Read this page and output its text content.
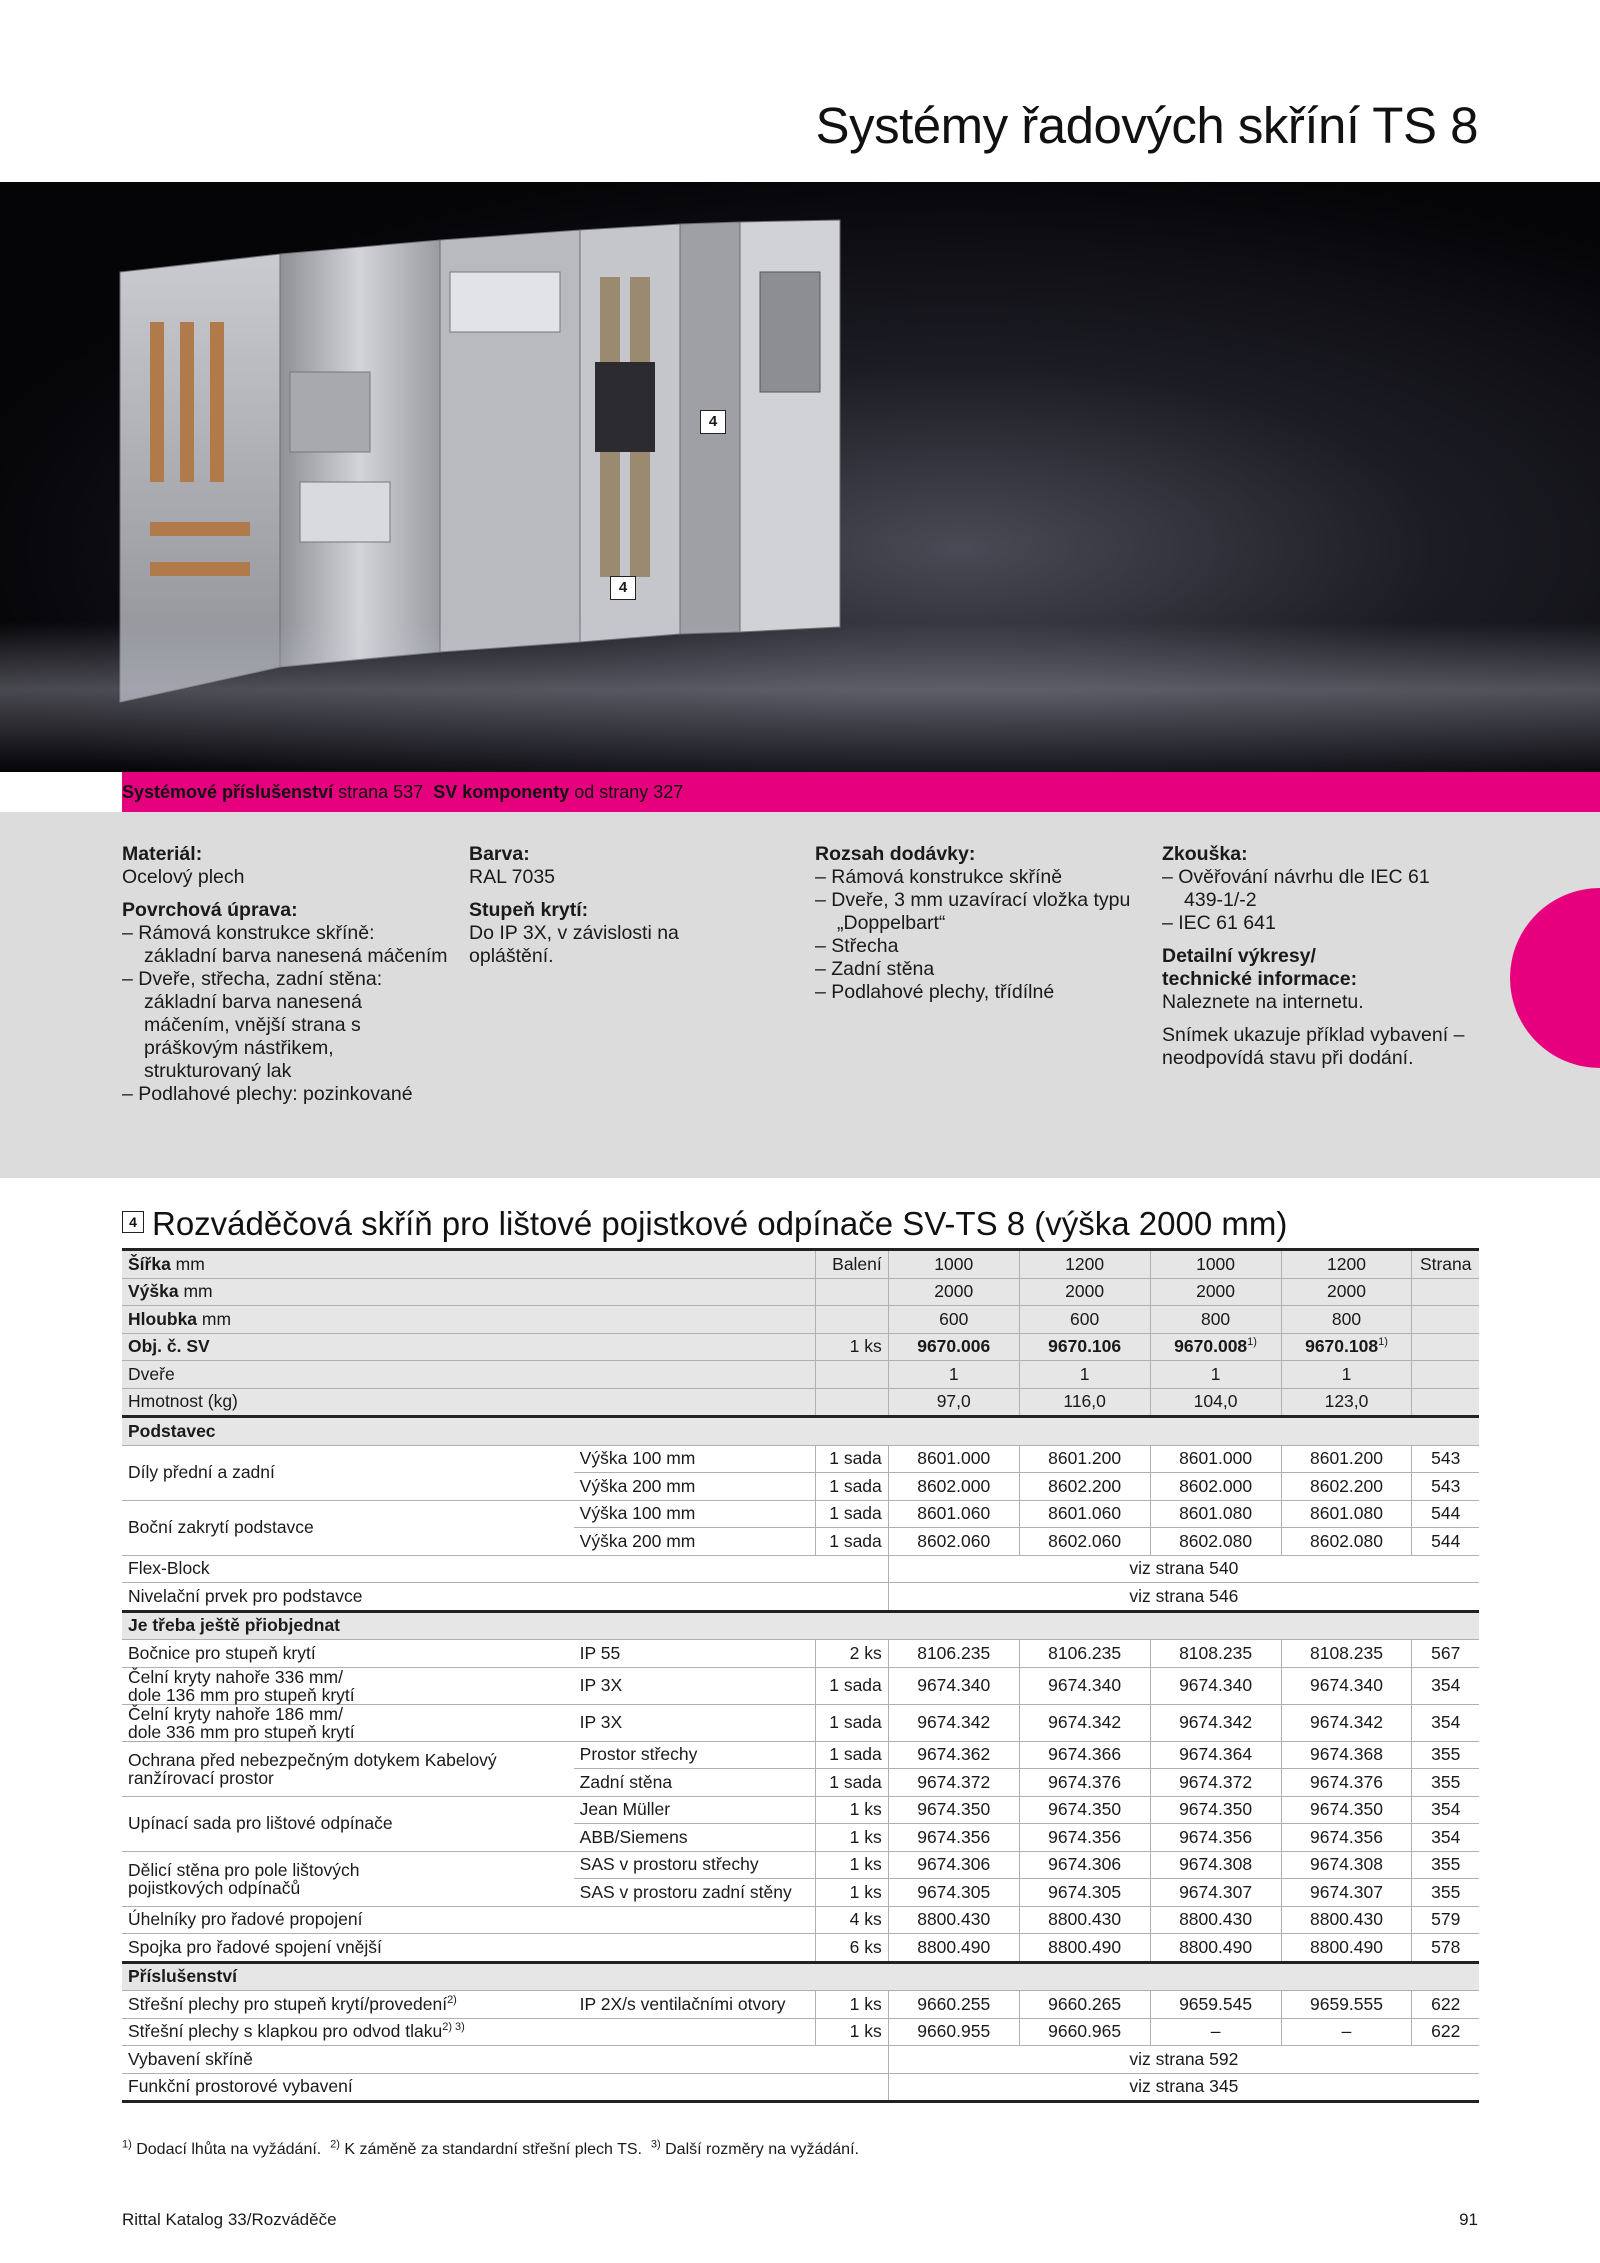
Systémy řadových skříní TS 8
4
4
Systémové příslušenství strana 537 SV komponenty od strany 327
Materiál:
Ocelový plech
Povrchová úprava:
– Rámová konstrukce skříně: základní barva nanesená máčením
– Dveře, střecha, zadní stěna: základní barva nanesená máčením, vnější strana s práškovým nástřikem, strukturovaný lak
– Podlahové plechy: pozinkované
Barva:
RAL 7035
Stupeň krytí:
Do IP 3X, v závislosti na opláštění.
Rozsah dodávky:
– Rámová konstrukce skříně
– Dveře, 3 mm uzavírací vložka typu „Doppelbart“
– Střecha
– Zadní stěna
– Podlahové plechy, třídílné
Zkouška:
– Ověřování návrhu dle IEC 61 439-1/-2
– IEC 61 641
Detailní výkresy/
technické informace:
Naleznete na internetu.
Snímek ukazuje příklad vybavení – neodpovídá stavu při dodání.
4 Rozváděčová skříň pro lištové pojistkové odpínače SV-TS 8 (výška 2000 mm)
Šířka mm		Balení	1000	1200	1000	1200	Strana
Výška mm			2000	2000	2000	2000	
Hloubka mm			600	600	800	800	
Obj. č. SV		1 ks	9670.006	9670.106	9670.008$^{1)}$	9670.108$^{1)}$	
Dveře			1	1	1	1	
Hmotnost (kg)			97,0	116,0	104,0	123,0	
Podstavec							
Díly přední a zadní	Výška 100 mm	1 sada	8601.000	8601.200	8601.000	8601.200	543
	Výška 200 mm	1 sada	8602.000	8602.200	8602.000	8602.200	543
Boční zakrytí podstavce	Výška 100 mm	1 sada	8601.060	8601.060	8601.080	8601.080	544
	Výška 200 mm	1 sada	8602.060	8602.060	8602.080	8602.080	544
Flex-Block			viz strana 540				
Nivelační prvek pro podstavce			viz strana 546				
Je třeba ještě přiobjednat							
Bočnice pro stupeň krytí	IP 55	2 ks	8106.235	8106.235	8108.235	8108.235	567
Čelní kryty nahoře 336 mm/
dole 136 mm pro stupeň krytí	IP 3X	1 sada	9674.340	9674.340	9674.340	9674.340	354
Čelní kryty nahoře 186 mm/
dole 336 mm pro stupeň krytí	IP 3X	1 sada	9674.342	9674.342	9674.342	9674.342	354
Ochrana před nebezpečným dotykem Kabelový
ranžírovací prostor	Prostor střechy	1 sada	9674.362	9674.366	9674.364	9674.368	355
	Zadní stěna	1 sada	9674.372	9674.376	9674.372	9674.376	355
Upínací sada pro lištové odpínače	Jean Müller	1 ks	9674.350	9674.350	9674.350	9674.350	354
	ABB/Siemens	1 ks	9674.356	9674.356	9674.356	9674.356	354
Dělicí stěna pro pole lištových
pojistkových odpínačů	SAS v prostoru střechy	1 ks	9674.306	9674.306	9674.308	9674.308	355
	SAS v prostoru zadní stěny	1 ks	9674.305	9674.305	9674.307	9674.307	355
Úhelníky pro řadové propojení		4 ks	8800.430	8800.430	8800.430	8800.430	579
Spojka pro řadové spojení vnější		6 ks	8800.490	8800.490	8800.490	8800.490	578
Příslušenství							
Střešní plechy pro stupeň krytí/provedení$^{2)}$	IP 2X/s ventilačními otvory	1 ks	9660.255	9660.265	9659.545	9659.555	622
Střešní plechy s klapkou pro odvod tlaku$^{2) 3)}$		1 ks	9660.955	9660.965	–	–	622
Vybavení skříně			viz strana 592				
Funkční prostorové vybavení			viz strana 345				
$^{1)}$ Dodací lhůta na vyžádání. $^{2)}$ K záměně za standardní střešní plech TS. $^{3)}$ Další rozměry na vyžádání.
Rittal Katalog 33/Rozváděče	91
